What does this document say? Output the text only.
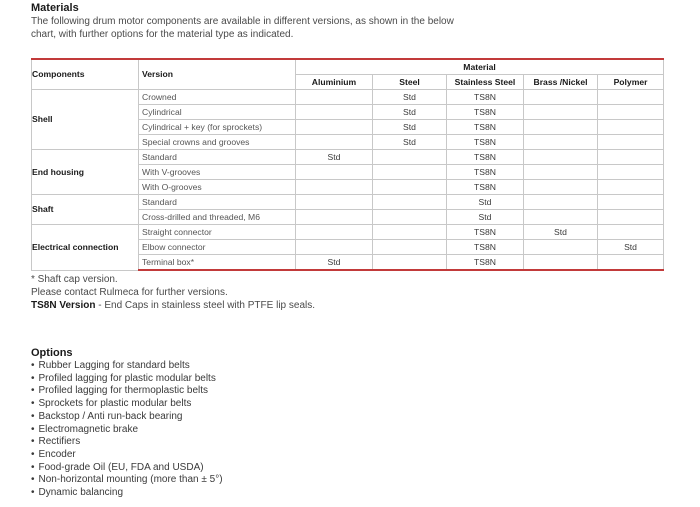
Materials
The following drum motor components are available in different versions, as shown in the below chart, with further options for the material type as indicated.
Components	Version	Material				
		Aluminium	Steel	Stainless Steel	Brass /Nickel	Polymer
Shell	Crowned		Std	TS8N		
	Cylindrical		Std	TS8N		
	Cylindrical + key (for sprockets)		Std	TS8N		
	Special crowns and grooves		Std	TS8N		
End housing	Standard	Std		TS8N		
	With V-grooves			TS8N		
	With O-grooves			TS8N		
Shaft	Standard			Std		
	Cross-drilled and threaded, M6			Std		
Electrical connection	Straight connector			TS8N	Std	
	Elbow connector			TS8N		Std
	Terminal box*	Std		TS8N		
* Shaft cap version.
Please contact Rulmeca for further versions.
TS8N Version - End Caps in stainless steel with PTFE lip seals.
Options
• Rubber Lagging for standard belts
• Profiled lagging for plastic modular belts
• Profiled lagging for thermoplastic belts
• Sprockets for plastic modular belts
• Backstop / Anti run-back bearing
• Electromagnetic brake
• Rectifiers
• Encoder
• Food-grade Oil (EU, FDA and USDA)
• Non-horizontal mounting (more than ± 5°)
• Dynamic balancing
